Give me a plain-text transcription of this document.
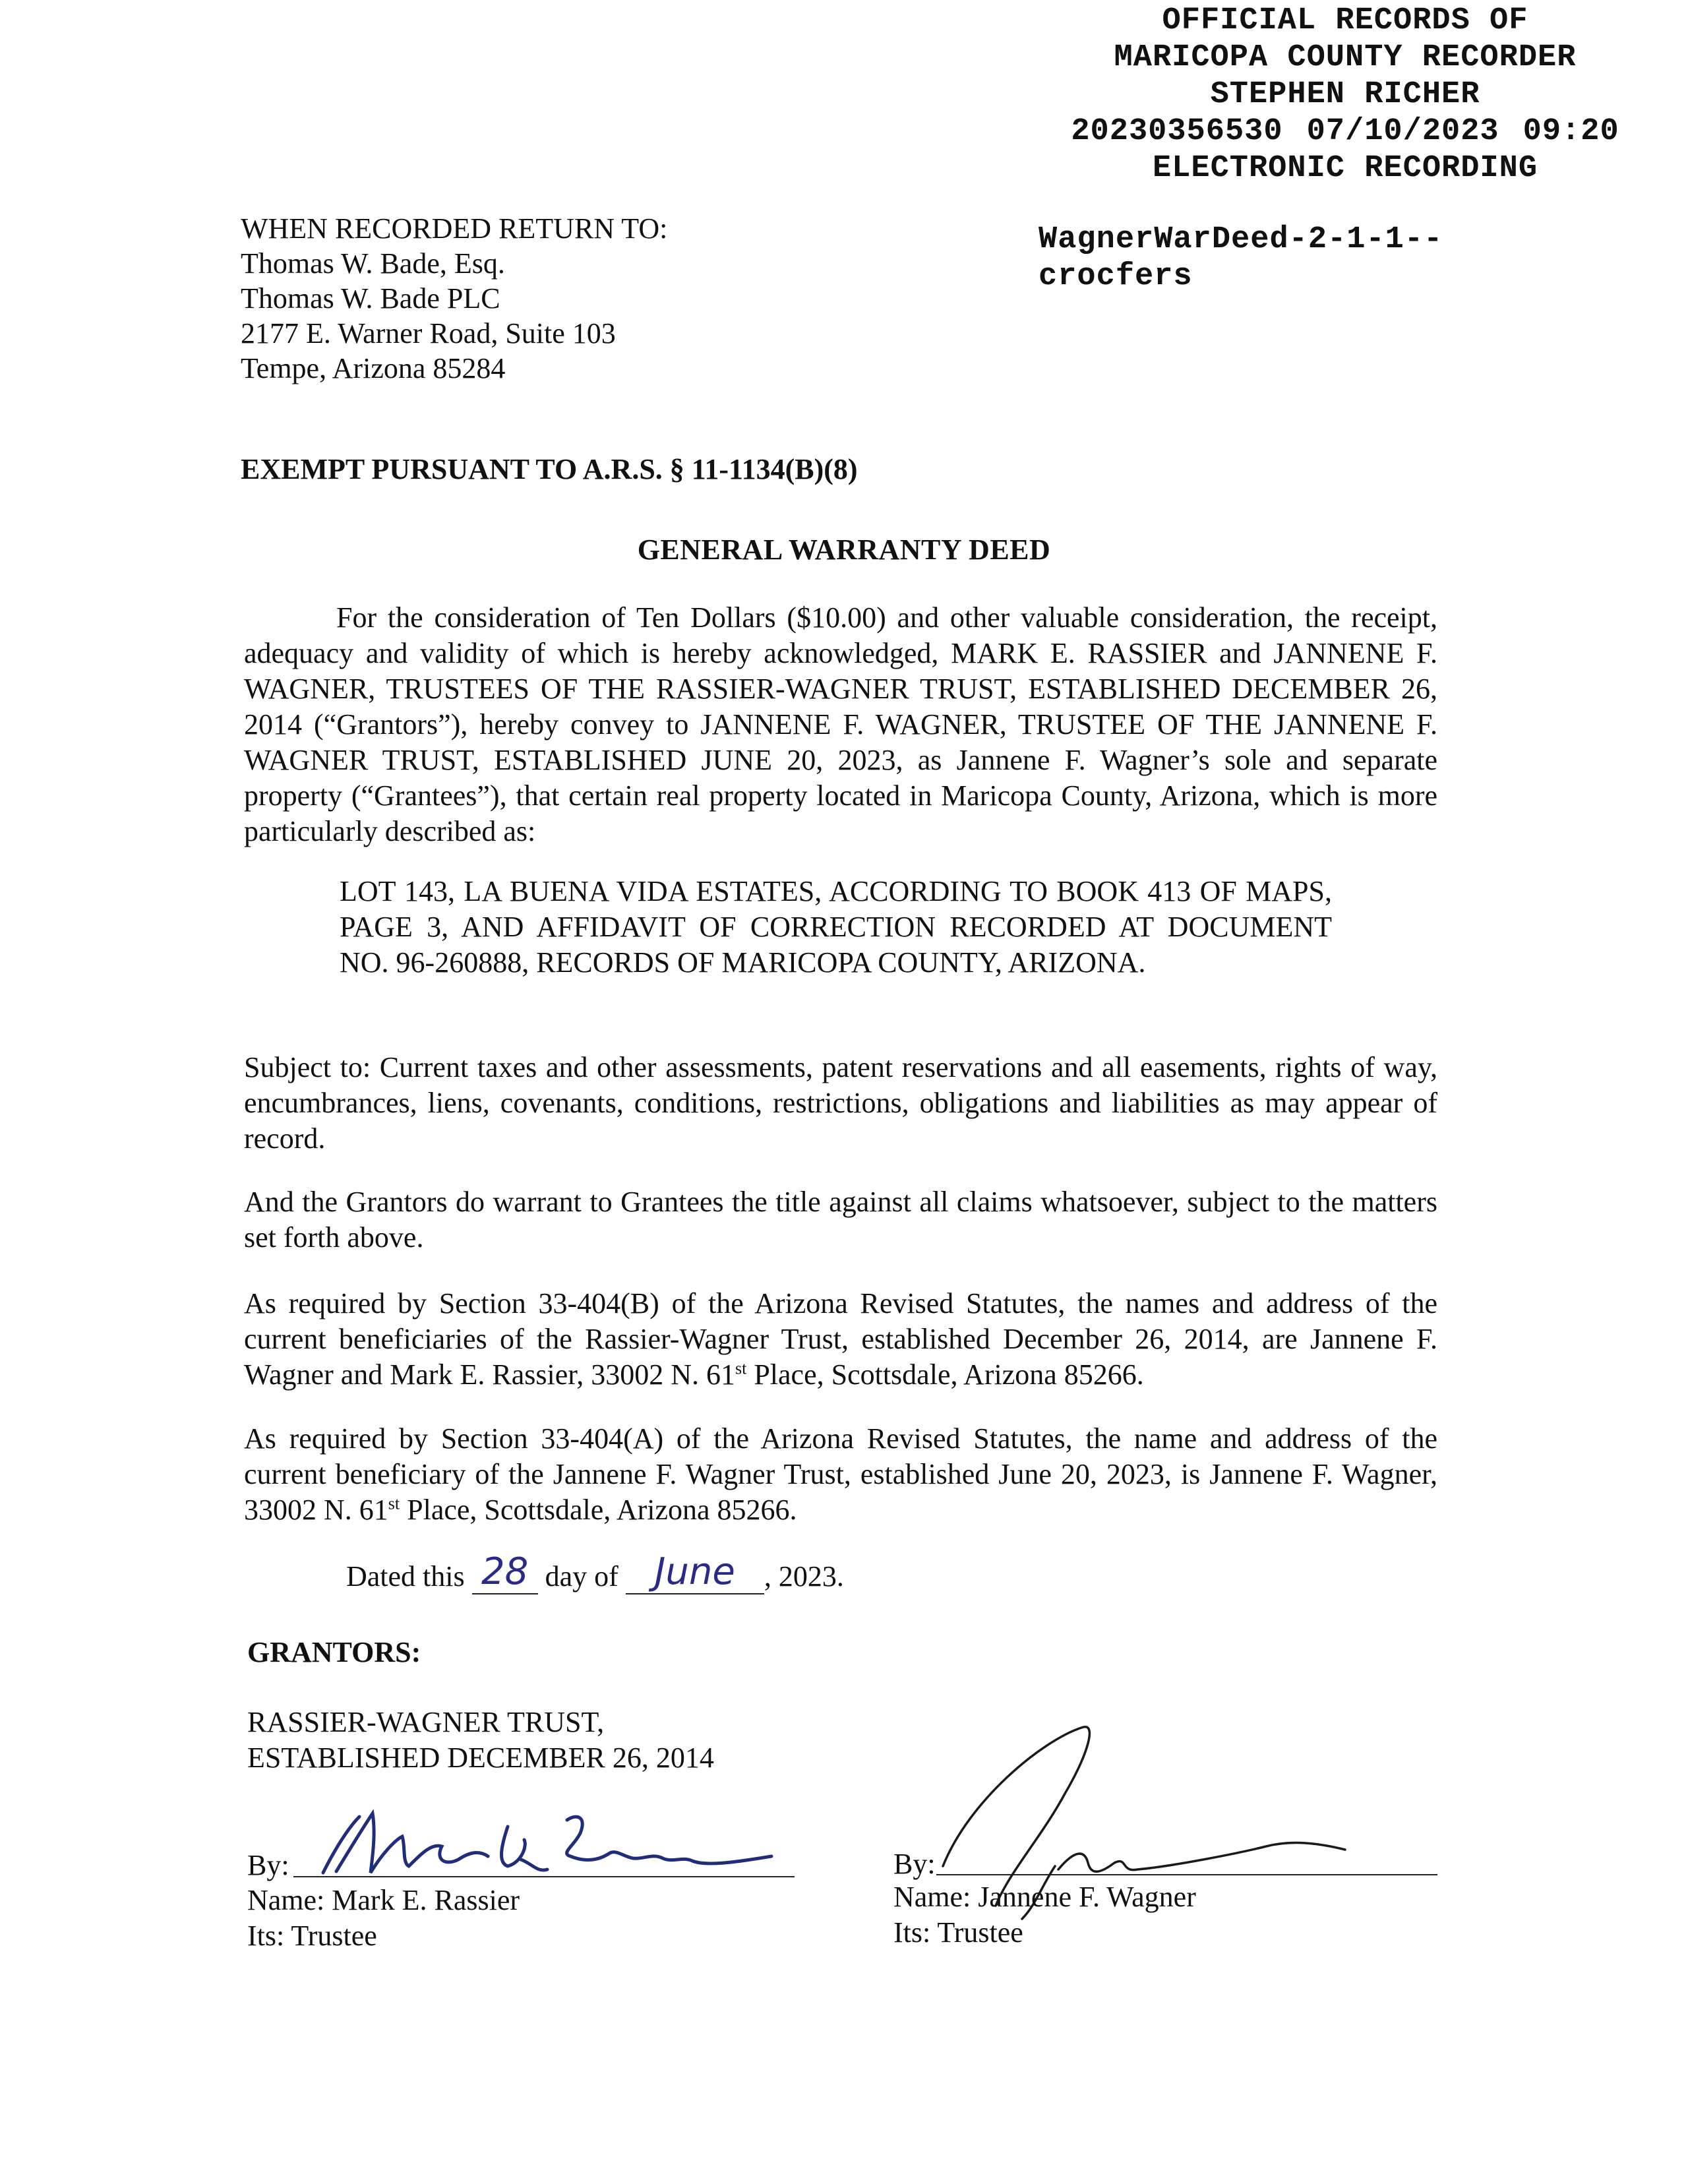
OFFICIAL RECORDS OF
MARICOPA COUNTY RECORDER
STEPHEN RICHER
20230356530 07/10/2023 09:20
ELECTRONIC RECORDING
WagnerWarDeed-2-1-1--
crocfers
WHEN RECORDED RETURN TO:
Thomas W. Bade, Esq.
Thomas W. Bade PLC
2177 E. Warner Road, Suite 103
Tempe, Arizona 85284
EXEMPT PURSUANT TO A.R.S. § 11-1134(B)(8)
GENERAL WARRANTY DEED
For the consideration of Ten Dollars ($10.00) and other valuable consideration, the receipt, adequacy and validity of which is hereby acknowledged, MARK E. RASSIER and JANNENE F. WAGNER, TRUSTEES OF THE RASSIER-WAGNER TRUST, ESTABLISHED DECEMBER 26, 2014 (“Grantors”), hereby convey to JANNENE F. WAGNER, TRUSTEE OF THE JANNENE F. WAGNER TRUST, ESTABLISHED JUNE 20, 2023, as Jannene F. Wagner’s sole and separate property (“Grantees”), that certain real property located in Maricopa County, Arizona, which is more particularly described as:
LOT 143, LA BUENA VIDA ESTATES, ACCORDING TO BOOK 413 OF MAPS, PAGE 3, AND AFFIDAVIT OF CORRECTION RECORDED AT DOCUMENT NO. 96-260888, RECORDS OF MARICOPA COUNTY, ARIZONA.
Subject to: Current taxes and other assessments, patent reservations and all easements, rights of way, encumbrances, liens, covenants, conditions, restrictions, obligations and liabilities as may appear of record.
And the Grantors do warrant to Grantees the title against all claims whatsoever, subject to the matters set forth above.
As required by Section 33-404(B) of the Arizona Revised Statutes, the names and address of the current beneficiaries of the Rassier-Wagner Trust, established December 26, 2014, are Jannene F. Wagner and Mark E. Rassier, 33002 N. 61st Place, Scottsdale, Arizona 85266.
As required by Section 33-404(A) of the Arizona Revised Statutes, the name and address of the current beneficiary of the Jannene F. Wagner Trust, established June 20, 2023, is Jannene F. Wagner, 33002 N. 61st Place, Scottsdale, Arizona 85266.
Dated this 28 day of June	, 2023.
GRANTORS:
RASSIER-WAGNER TRUST,
ESTABLISHED DECEMBER 26, 2014
By:
Name: Mark E. Rassier
Its: Trustee
By:
Name: Jannene F. Wagner
Its: Trustee
